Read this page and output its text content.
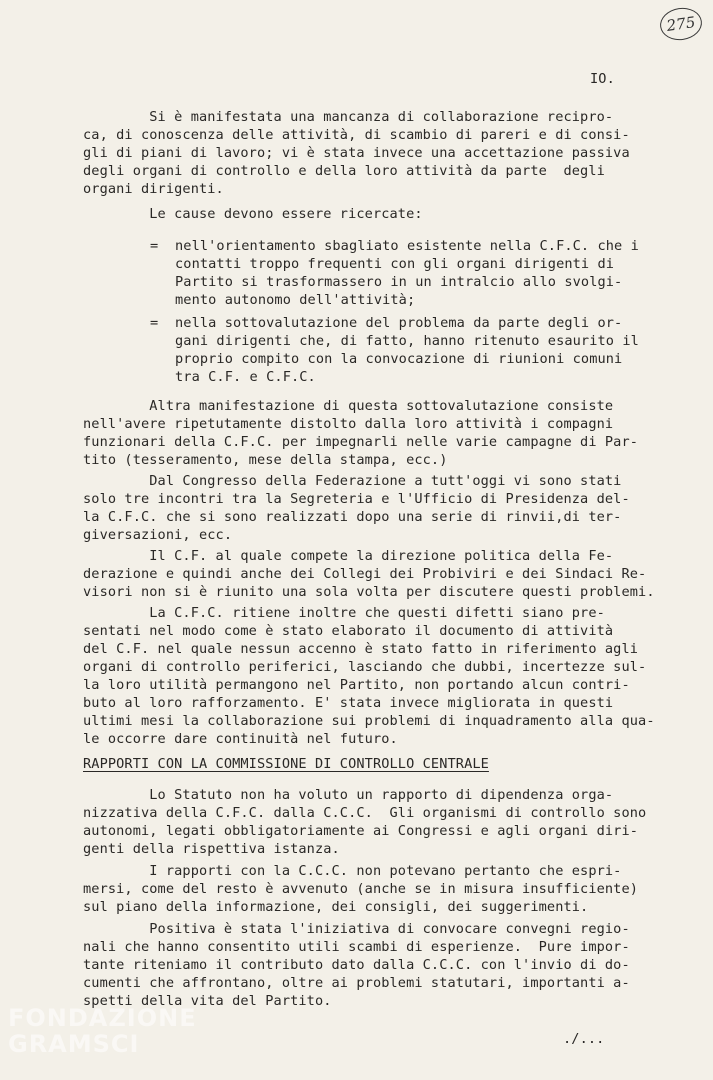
275
IO.
Si è manifestata una mancanza di collaborazione recipro-
ca, di conoscenza delle attività, di scambio di pareri e di consi-
gli di piani di lavoro; vi è stata invece una accettazione passiva
degli organi di controllo e della loro attività da parte  degli
organi dirigenti.
Le cause devono essere ricercate:
= nell'orientamento sbagliato esistente nella C.F.C. che i
contatti troppo frequenti con gli organi dirigenti di
Partito si trasformassero in un intralcio allo svolgi-
mento autonomo dell'attività;
= nella sottovalutazione del problema da parte degli or-
gani dirigenti che, di fatto, hanno ritenuto esaurito il
proprio compito con la convocazione di riunioni comuni
tra C.F. e C.F.C.
Altra manifestazione di questa sottovalutazione consiste
nell'avere ripetutamente distolto dalla loro attività i compagni
funzionari della C.F.C. per impegnarli nelle varie campagne di Par-
tito (tesseramento, mese della stampa, ecc.)
Dal Congresso della Federazione a tutt'oggi vi sono stati
solo tre incontri tra la Segreteria e l'Ufficio di Presidenza del-
la C.F.C. che si sono realizzati dopo una serie di rinvii,di ter-
giversazioni, ecc.
Il C.F. al quale compete la direzione politica della Fe-
derazione e quindi anche dei Collegi dei Probiviri e dei Sindaci Re-
visori non si è riunito una sola volta per discutere questi problemi.
La C.F.C. ritiene inoltre che questi difetti siano pre-
sentati nel modo come è stato elaborato il documento di attività
del C.F. nel quale nessun accenno è stato fatto in riferimento agli
organi di controllo periferici, lasciando che dubbi, incertezze sul-
la loro utilità permangono nel Partito, non portando alcun contri-
buto al loro rafforzamento. E' stata invece migliorata in questi
ultimi mesi la collaborazione sui problemi di inquadramento alla qua-
le occorre dare continuità nel futuro.
RAPPORTI CON LA COMMISSIONE DI CONTROLLO CENTRALE
Lo Statuto non ha voluto un rapporto di dipendenza orga-
nizzativa della C.F.C. dalla C.C.C.  Gli organismi di controllo sono
autonomi, legati obbligatoriamente ai Congressi e agli organi diri-
genti della rispettiva istanza.
I rapporti con la C.C.C. non potevano pertanto che espri-
mersi, come del resto è avvenuto (anche se in misura insufficiente)
sul piano della informazione, dei consigli, dei suggerimenti.
Positiva è stata l'iniziativa di convocare convegni regio-
nali che hanno consentito utili scambi di esperienze.  Pure impor-
tante riteniamo il contributo dato dalla C.C.C. con l'invio di do-
cumenti che affrontano, oltre ai problemi statutari, importanti a-
spetti della vita del Partito.
./...
FONDAZIONE
GRAMSCI
